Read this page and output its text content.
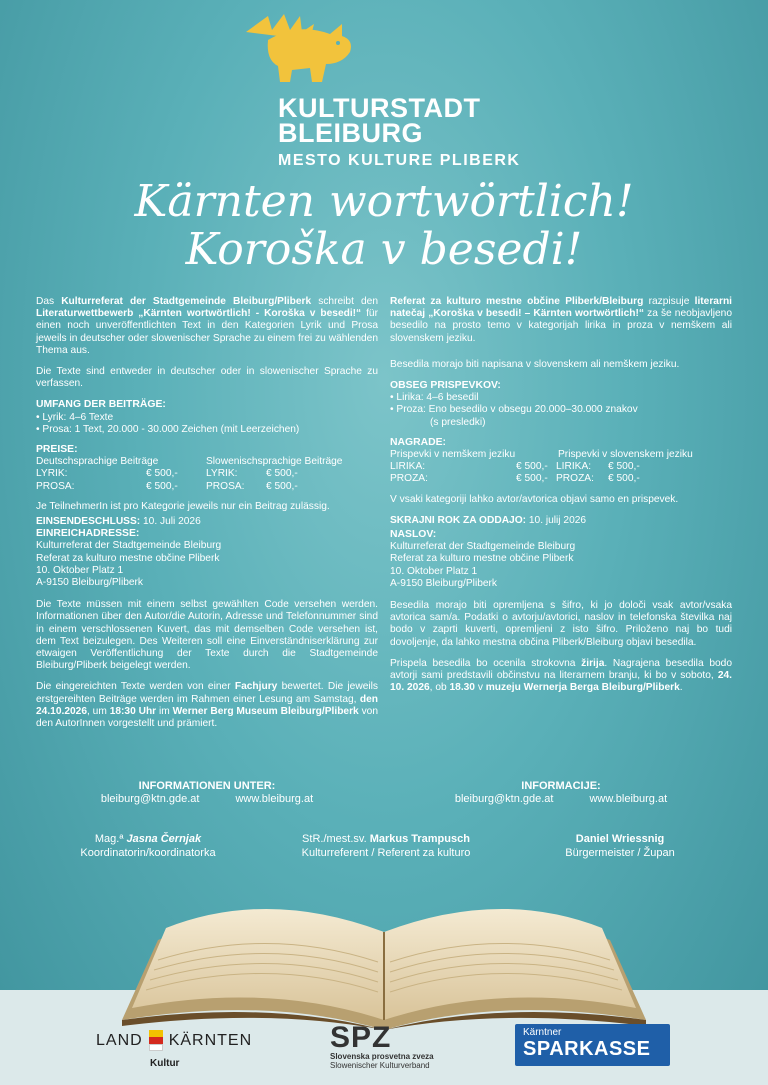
KULTURSTADT
BLEIBURG
MESTO KULTURE PLIBERK
Kärnten wortwörtlich!
Koroška v besedi!

Das Kulturreferat der Stadtgemeinde Bleiburg/Pliberk schreibt den Literaturwettbewerb „Kärnten wortwörtlich! - Koroška v besedi!“ für einen noch unveröffentlichten Text in den Kategorien Lyrik und Prosa jeweils in deutscher oder slowenischer Sprache zu einem frei zu wählenden Thema aus.

Die Texte sind entweder in deutscher oder in slowenischer Sprache zu verfassen.

UMFANG DER BEITRÄGE:
• Lyrik: 4–6 Texte
• Prosa: 1 Text, 20.000 - 30.000 Zeichen (mit Leerzeichen)
PREISE:
Deutschsprachige Beiträge	Slowenischsprachige Beiträge
LYRIK:	€ 500,-	LYRIK:	€ 500,-
PROSA:	€ 500,-	PROSA:	€ 500,-

Je TeilnehmerIn ist pro Kategorie jeweils nur ein Beitrag zulässig.

EINSENDESCHLUSS: 10. Juli 2026
EINREICHADRESSE:
Kulturreferat der Stadtgemeinde Bleiburg
Referat za kulturo mestne občine Pliberk
10. Oktober Platz 1
A-9150 Bleiburg/Pliberk

Die Texte müssen mit einem selbst gewählten Code versehen werden. Informationen über den Autor/die Autorin, Adresse und Telefonnummer sind in einem verschlossenen Kuvert, das mit demselben Code versehen ist, dem Text beizulegen. Des Weiteren soll eine Einverständniserklärung zur etwaigen Veröffentlichung der Texte durch die Stadtgemeinde Bleiburg/Pliberk beigelegt werden.

Die eingereichten Texte werden von einer Fachjury bewertet. Die jeweils erstgereihten Beiträge werden im Rahmen einer Lesung am Samstag, den 24.10.2026, um 18:30 Uhr im Werner Berg Museum Bleiburg/Pliberk von den AutorInnen vorgestellt und prämiert.

Referat za kulturo mestne občine Pliberk/Bleiburg razpisuje literarni natečaj „Koroška v besedi! – Kärnten wortwörtlich!“ za še neobjavljeno besedilo na prosto temo v kategorijah lirika in proza v nemškem ali slovenskem jeziku.

Besedila morajo biti napisana v slovenskem ali nemškem jeziku.

OBSEG PRISPEVKOV:
• Lirika: 4–6 besedil
• Proza: Eno besedilo v obsegu 20.000–30.000 znakov
(s presledki)
NAGRADE:
Prispevki v nemškem jeziku	Prispevki v slovenskem jeziku
LIRIKA:	€ 500,- LIRIKA:	€ 500,-
PROZA:	€ 500,- PROZA:	€ 500,-

V vsaki kategoriji lahko avtor/avtorica objavi samo en prispevek.

SKRAJNI ROK ZA ODDAJO: 10. julij 2026
NASLOV:
Kulturreferat der Stadtgemeinde Bleiburg
Referat za kulturo mestne občine Pliberk
10. Oktober Platz 1
A-9150 Bleiburg/Pliberk

Besedila morajo biti opremljena s šifro, ki jo določi vsak avtor/vsaka avtorica sam/a. Podatki o avtorju/avtorici, naslov in telefonska številka naj bodo v zaprti kuverti, opremljeni z isto šifro. Priloženo naj bo tudi dovoljenje, da lahko mestna občina Pliberk/Bleiburg objavi besedila.

Prispela besedila bo ocenila strokovna žirija. Nagrajena besedila bodo avtorji sami predstavili občinstvu na literarnem branju, ki bo v soboto, 24. 10. 2026, ob 18.30 v muzeju Wernerja Berga Bleiburg/Pliberk.

INFORMATIONEN UNTER:
bleiburg@ktn.gde.at	www.bleiburg.at
INFORMACIJE:
bleiburg@ktn.gde.at	www.bleiburg.at
Mag.ª Jasna Černjak
Koordinatorin/koordinatorka
StR./mest.sv. Markus Trampusch
Kulturreferent / Referent za kulturo
Daniel Wriessnig
Bürgermeister / Župan
LAND KÄRNTEN
Kultur
SPZ
Slovenska prosvetna zveza
Slowenischer Kulturverband
Kärntner
SPARKASSE
